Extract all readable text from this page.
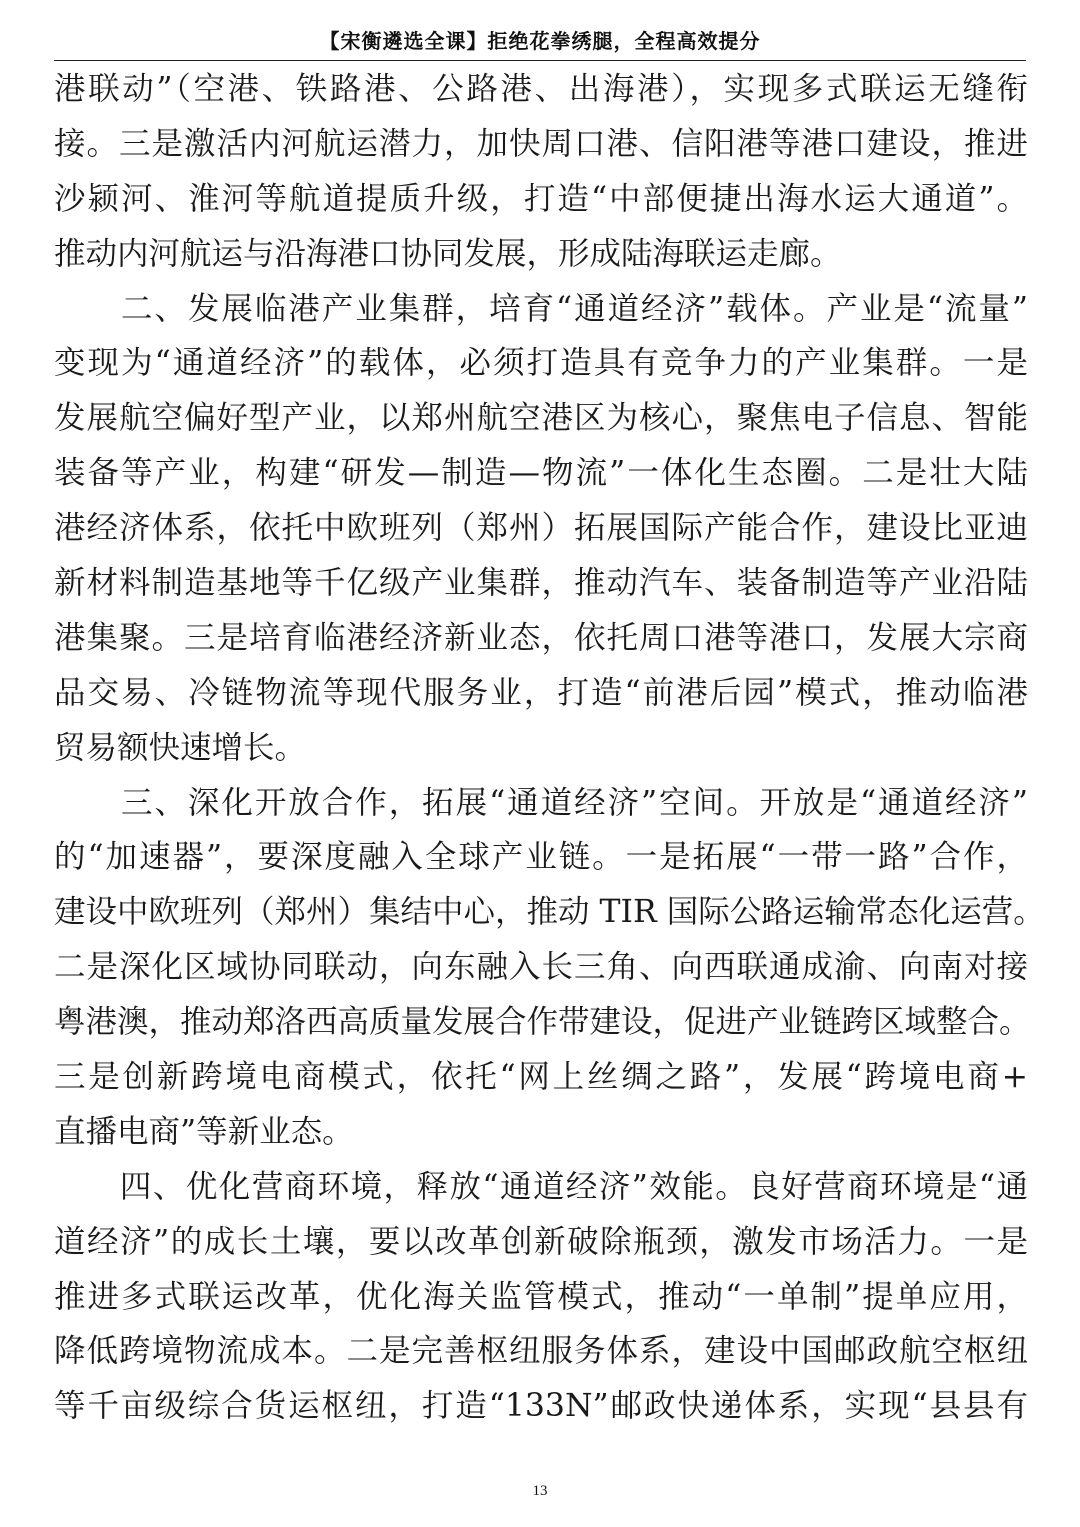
【宋衡遴选全课】拒绝花拳绣腿，全程高效提分
港联动”（空港、铁路港、公路港、出海港），实现多式联运无缝衔
接。三是激活内河航运潜力，加快周口港、信阳港等港口建设，推进
沙颍河、淮河等航道提质升级，打造“中部便捷出海水运大通道”。
推动内河航运与沿海港口协同发展，形成陆海联运走廊。
　　二、发展临港产业集群，培育“通道经济”载体。产业是“流量”
变现为“通道经济”的载体，必须打造具有竞争力的产业集群。一是
发展航空偏好型产业，以郑州航空港区为核心，聚焦电子信息、智能
装备等产业，构建“研发—制造—物流”一体化生态圈。二是壮大陆
港经济体系，依托中欧班列（郑州）拓展国际产能合作，建设比亚迪
新材料制造基地等千亿级产业集群，推动汽车、装备制造等产业沿陆
港集聚。三是培育临港经济新业态，依托周口港等港口，发展大宗商
品交易、冷链物流等现代服务业，打造“前港后园”模式，推动临港
贸易额快速增长。
　　三、深化开放合作，拓展“通道经济”空间。开放是“通道经济”
的“加速器”，要深度融入全球产业链。一是拓展“一带一路”合作，
建设中欧班列（郑州）集结中心，推动 TIR 国际公路运输常态化运营。
二是深化区域协同联动，向东融入长三角、向西联通成渝、向南对接
粤港澳，推动郑洛西高质量发展合作带建设，促进产业链跨区域整合。
三是创新跨境电商模式，依托“网上丝绸之路”，发展“跨境电商+
直播电商”等新业态。
　　四、优化营商环境，释放“通道经济”效能。良好营商环境是“通
道经济”的成长土壤，要以改革创新破除瓶颈，激发市场活力。一是
推进多式联运改革，优化海关监管模式，推动“一单制”提单应用，
降低跨境物流成本。二是完善枢纽服务体系，建设中国邮政航空枢纽
等千亩级综合货运枢纽，打造“133N”邮政快递体系，实现“县县有
13
